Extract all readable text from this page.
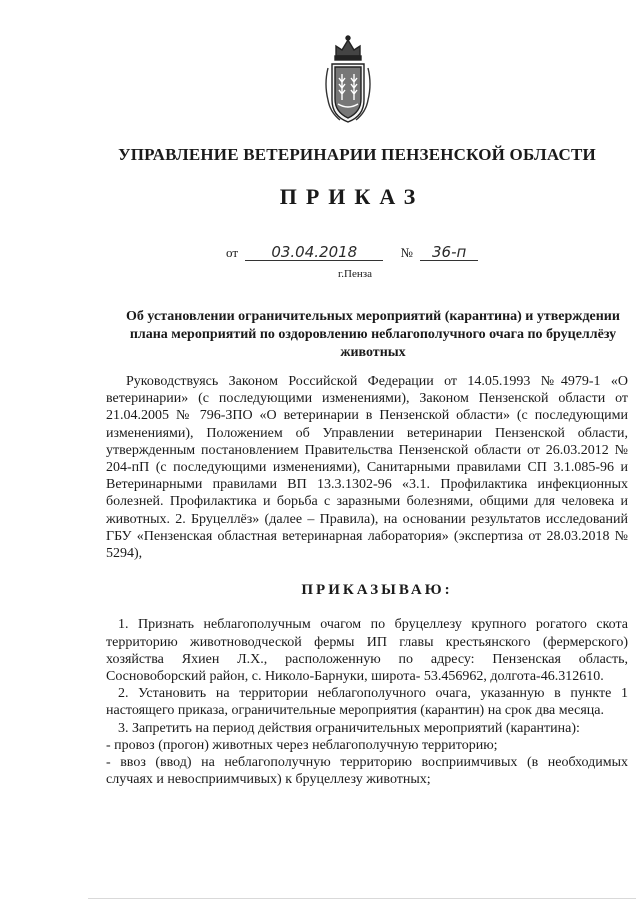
УПРАВЛЕНИЕ ВЕТЕРИНАРИИ ПЕНЗЕНСКОЙ ОБЛАСТИ
ПРИКАЗ
от 03.04.2018	№ 36-п
г.Пенза
Об установлении ограничительных мероприятий (карантина) и утверждении плана мероприятий по оздоровлению неблагополучного очага по бруцеллёзу животных

Руководствуясь Законом Российской Федерации от 14.05.1993 №4979-1 «О ветеринарии» (с последующими изменениями), Законом Пензенской области от 21.04.2005 № 796-ЗПО «О ветеринарии в Пензенской области» (с последующими изменениями), Положением об Управлении ветеринарии Пензенской области, утвержденным постановлением Правительства Пензенской области от 26.03.2012 № 204-пП (с последующими изменениями), Санитарными правилами СП 3.1.085-96 и Ветеринарными правилами ВП 13.3.1302-96 «3.1. Профилактика инфекционных болезней. Профилактика и борьба с заразными болезнями, общими для человека и животных. 2. Бруцеллёз» (далее – Правила), на основании результатов исследований ГБУ «Пензенская областная ветеринарная лаборатория» (экспертиза от 28.03.2018 № 5294),

ПРИКАЗЫВАЮ:

1. Признать неблагополучным очагом по бруцеллезу крупного рогатого скота территорию животноводческой фермы ИП главы крестьянского (фермерского) хозяйства Яхиен Л.Х., расположенную по адресу: Пензенская область, Сосновоборский район, с. Николо-Барнуки, широта- 53.456962, долгота-46.312610.

2. Установить на территории неблагополучного очага, указанную в пункте 1 настоящего приказа, ограничительные мероприятия (карантин) на срок два месяца.

3. Запретить на период действия ограничительных мероприятий (карантина):

- провоз (прогон) животных через неблагополучную территорию;

- ввоз (ввод) на неблагополучную территорию восприимчивых (в необходимых случаях и невосприимчивых) к бруцеллезу животных;
